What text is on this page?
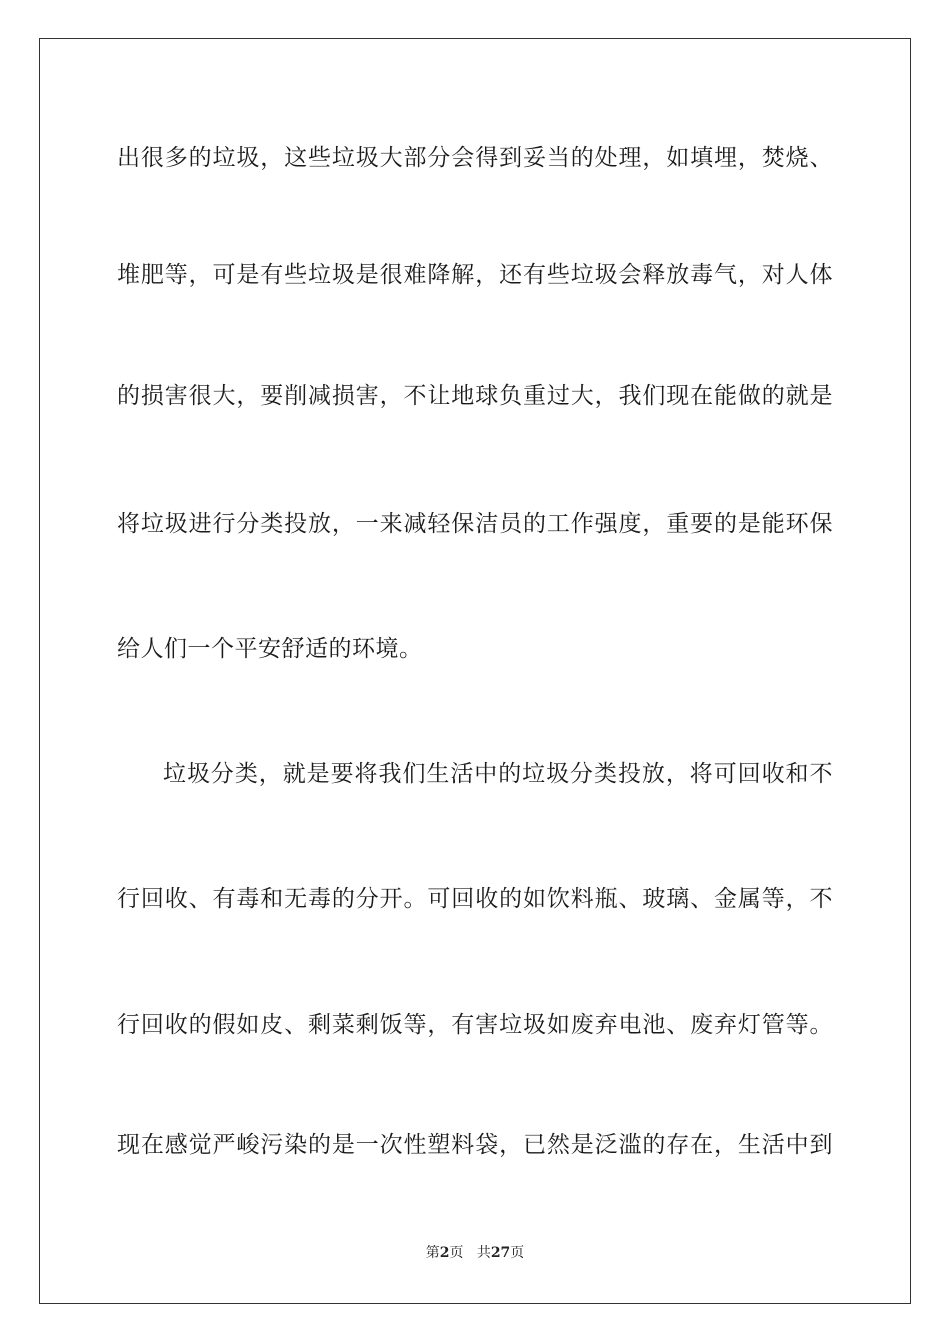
出很多的垃圾，这些垃圾大部分会得到妥当的处理，如填埋，焚烧、
堆肥等，可是有些垃圾是很难降解，还有些垃圾会释放毒气，对人体
的损害很大，要削减损害，不让地球负重过大，我们现在能做的就是
将垃圾进行分类投放，一来减轻保洁员的工作强度，重要的是能环保
给人们一个平安舒适的环境。
垃圾分类，就是要将我们生活中的垃圾分类投放，将可回收和不
行回收、有毒和无毒的分开。可回收的如饮料瓶、玻璃、金属等，不
行回收的假如皮、剩菜剩饭等，有害垃圾如废弃电池、废弃灯管等。
现在感觉严峻污染的是一次性塑料袋，已然是泛滥的存在，生活中到
第2页 共27页
